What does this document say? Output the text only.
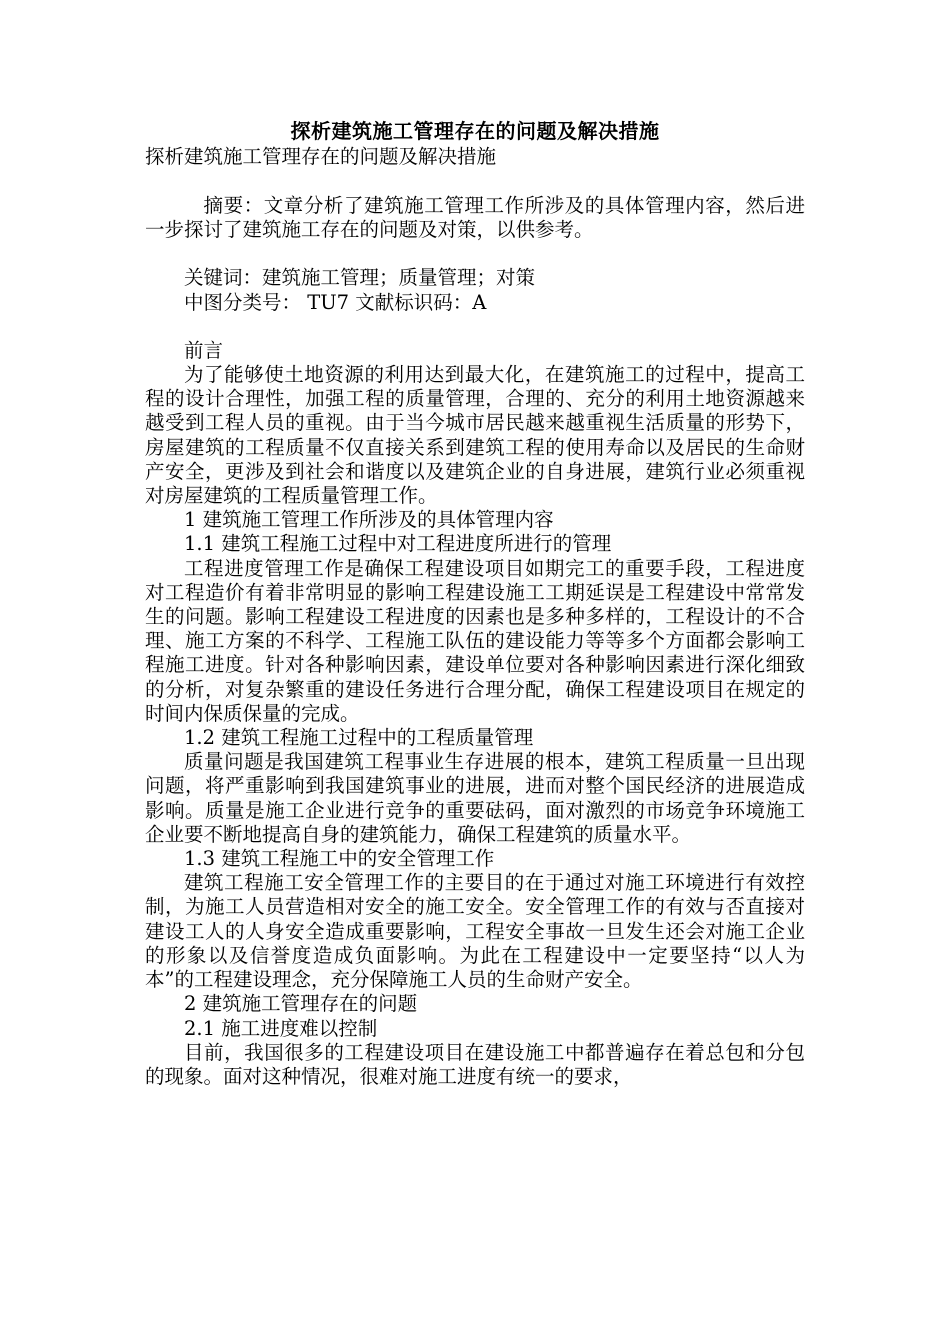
探析建筑施工管理存在的问题及解决措施

探析建筑施工管理存在的问题及解决措施

摘要：文章分析了建筑施工管理工作所涉及的具体管理内容，然后进一步探讨了建筑施工存在的问题及对策，以供参考。

关键词：建筑施工管理；质量管理；对策

中图分类号： TU7 文献标识码：A

前言

为了能够使土地资源的利用达到最大化，在建筑施工的过程中，提高工程的设计合理性，加强工程的质量管理，合理的、充分的利用土地资源越来越受到工程人员的重视。由于当今城市居民越来越重视生活质量的形势下，房屋建筑的工程质量不仅直接关系到建筑工程的使用寿命以及居民的生命财产安全，更涉及到社会和谐度以及建筑企业的自身进展，建筑行业必须重视对房屋建筑的工程质量管理工作。

1 建筑施工管理工作所涉及的具体管理内容

1.1 建筑工程施工过程中对工程进度所进行的管理

工程进度管理工作是确保工程建设项目如期完工的重要手段，工程进度对工程造价有着非常明显的影响工程建设施工工期延误是工程建设中常常发生的问题。影响工程建设工程进度的因素也是多种多样的，工程设计的不合理、施工方案的不科学、工程施工队伍的建设能力等等多个方面都会影响工程施工进度。针对各种影响因素，建设单位要对各种影响因素进行深化细致的分析，对复杂繁重的建设任务进行合理分配，确保工程建设项目在规定的时间内保质保量的完成。

1.2 建筑工程施工过程中的工程质量管理

质量问题是我国建筑工程事业生存进展的根本，建筑工程质量一旦出现问题，将严重影响到我国建筑事业的进展，进而对整个国民经济的进展造成影响。质量是施工企业进行竞争的重要砝码，面对激烈的市场竞争环境施工企业要不断地提高自身的建筑能力，确保工程建筑的质量水平。

1.3 建筑工程施工中的安全管理工作

建筑工程施工安全管理工作的主要目的在于通过对施工环境进行有效控制，为施工人员营造相对安全的施工安全。安全管理工作的有效与否直接对建设工人的人身安全造成重要影响，工程安全事故一旦发生还会对施工企业的形象以及信誉度造成负面影响。为此在工程建设中一定要坚持“以人为本”的工程建设理念，充分保障施工人员的生命财产安全。

2 建筑施工管理存在的问题

2.1 施工进度难以控制

目前，我国很多的工程建设项目在建设施工中都普遍存在着总包和分包的现象。面对这种情况，很难对施工进度有统一的要求，
